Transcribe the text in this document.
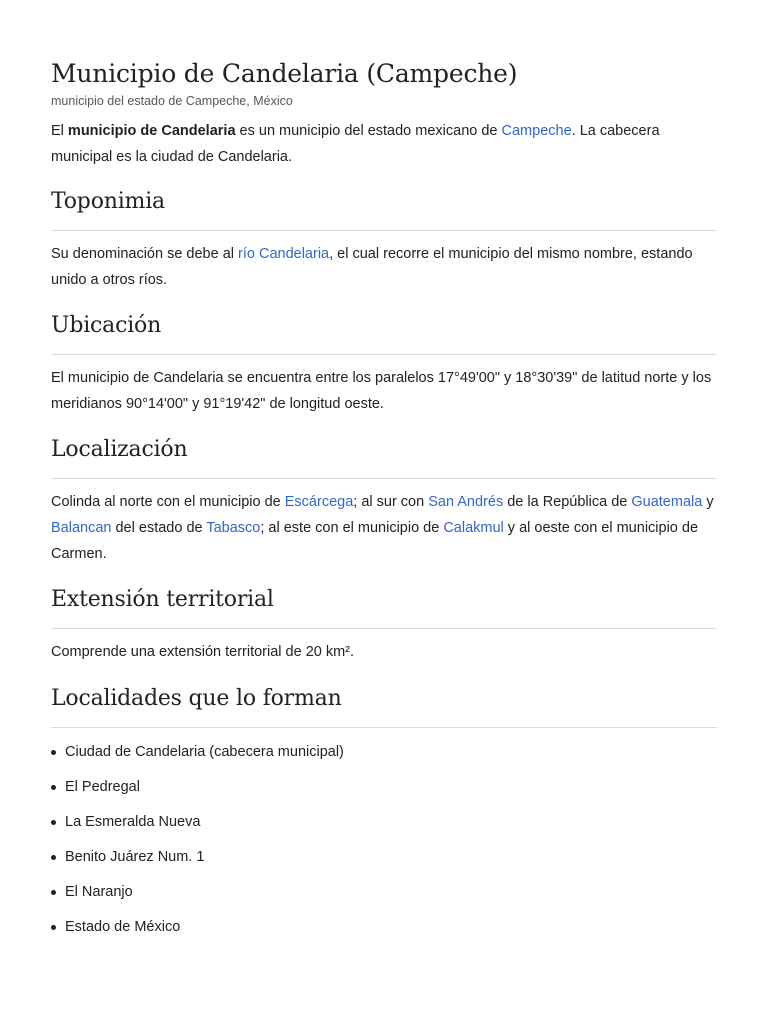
Municipio de Candelaria (Campeche)
municipio del estado de Campeche, México

El municipio de Candelaria es un municipio del estado mexicano de Campeche. La cabecera municipal es la ciudad de Candelaria.

Toponimia

Su denominación se debe al río Candelaria, el cual recorre el municipio del mismo nombre, estando unido a otros ríos.

Ubicación

El municipio de Candelaria se encuentra entre los paralelos 17°49'00" y 18°30'39" de latitud norte y los meridianos 90°14'00" y 91°19'42" de longitud oeste.

Localización

Colinda al norte con el municipio de Escárcega; al sur con San Andrés de la República de Guatemala y Balancan del estado de Tabasco; al este con el municipio de Calakmul y al oeste con el municipio de Carmen.

Extensión territorial

Comprende una extensión territorial de 20 km².

Localidades que lo forman
Ciudad de Candelaria (cabecera municipal)
El Pedregal
La Esmeralda Nueva
Benito Juárez Num. 1
El Naranjo
Estado de México
